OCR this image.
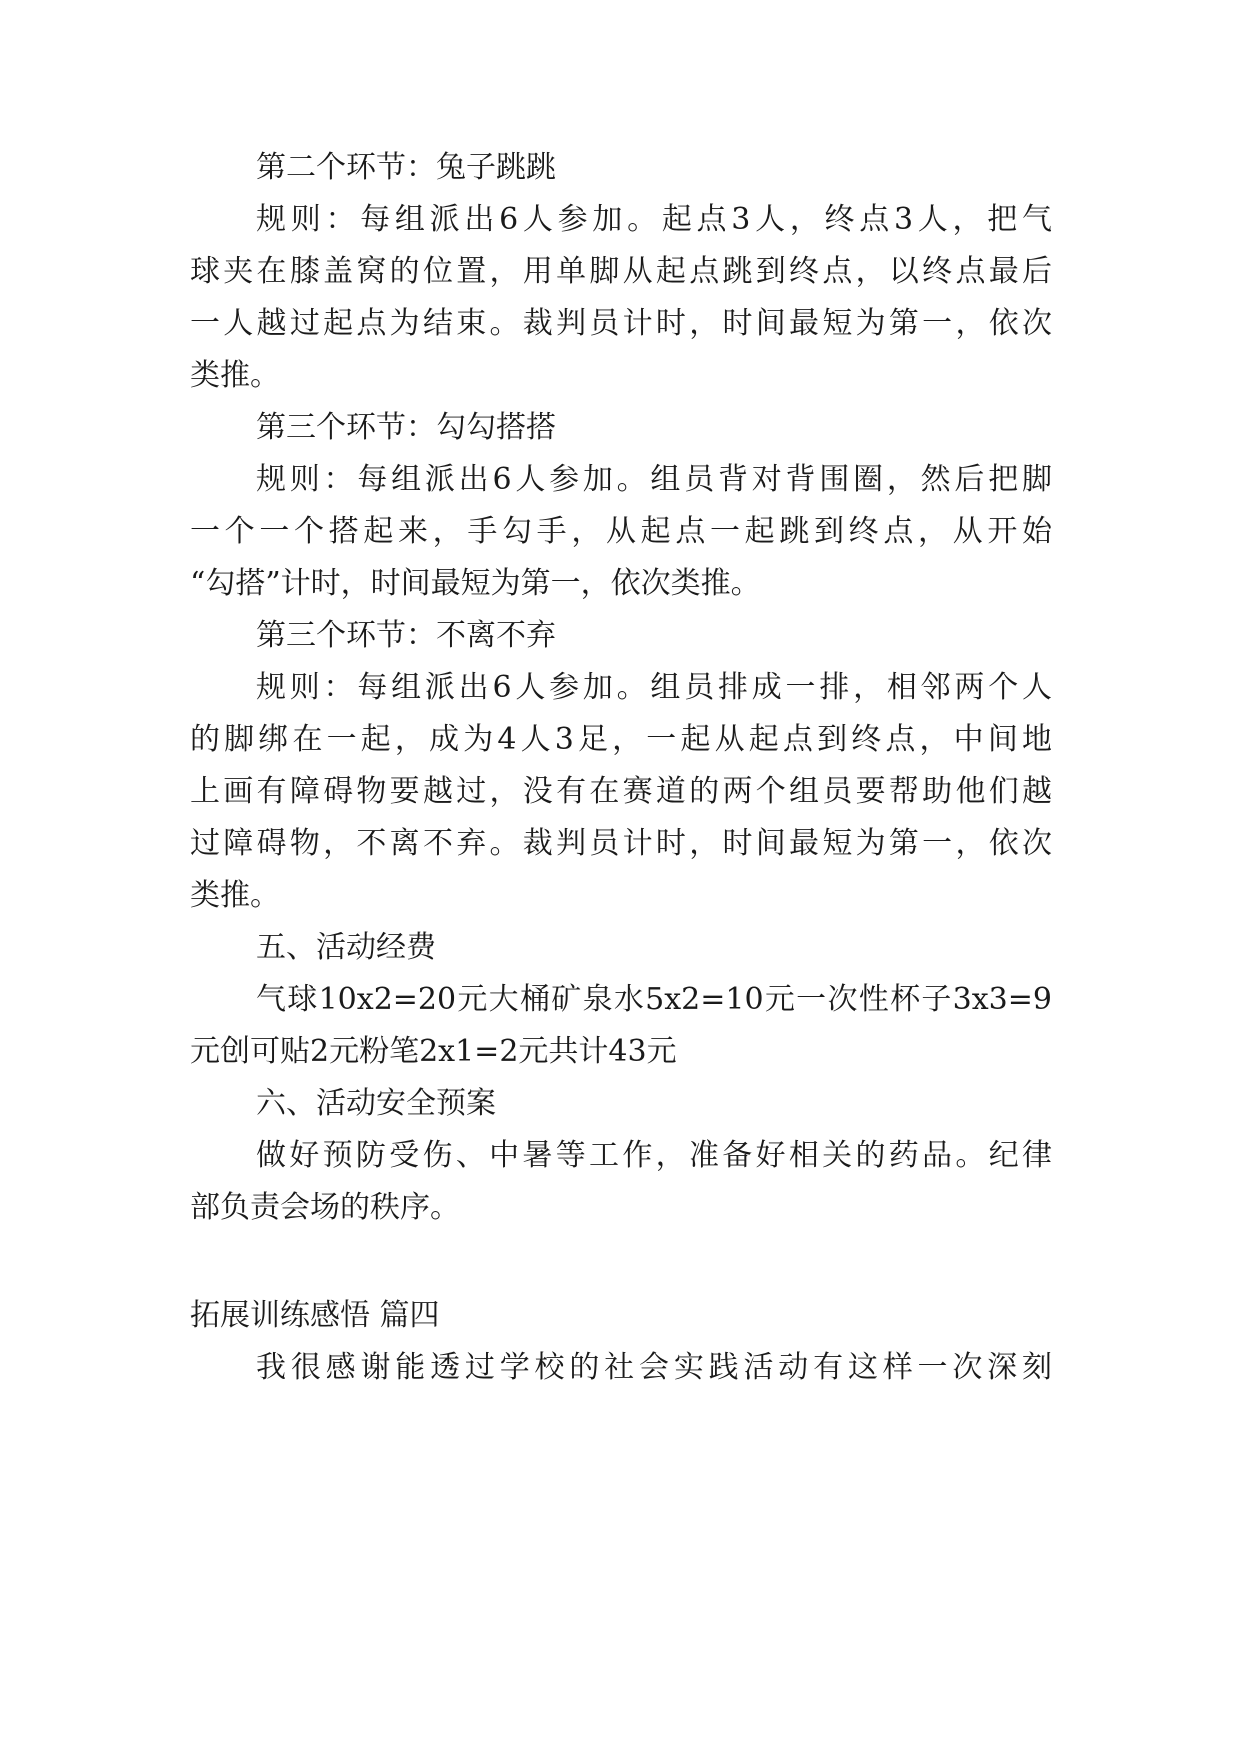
第二个环节：兔子跳跳
规则：每组派出6人参加。起点3人，终点3人，把气
球夹在膝盖窝的位置，用单脚从起点跳到终点，以终点最后
一人越过起点为结束。裁判员计时，时间最短为第一，依次
类推。
第三个环节：勾勾搭搭
规则：每组派出6人参加。组员背对背围圈，然后把脚
一个一个搭起来，手勾手，从起点一起跳到终点，从开始
“勾搭”计时，时间最短为第一，依次类推。
第三个环节：不离不弃
规则：每组派出6人参加。组员排成一排，相邻两个人
的脚绑在一起，成为4人3足，一起从起点到终点，中间地
上画有障碍物要越过，没有在赛道的两个组员要帮助他们越
过障碍物，不离不弃。裁判员计时，时间最短为第一，依次
类推。
五、活动经费
气球10x2=20元大桶矿泉水5x2=10元一次性杯子3x3=9
元创可贴2元粉笔2x1=2元共计43元
六、活动安全预案
做好预防受伤、中暑等工作，准备好相关的药品。纪律
部负责会场的秩序。
拓展训练感悟 篇四
我很感谢能透过学校的社会实践活动有这样一次深刻
